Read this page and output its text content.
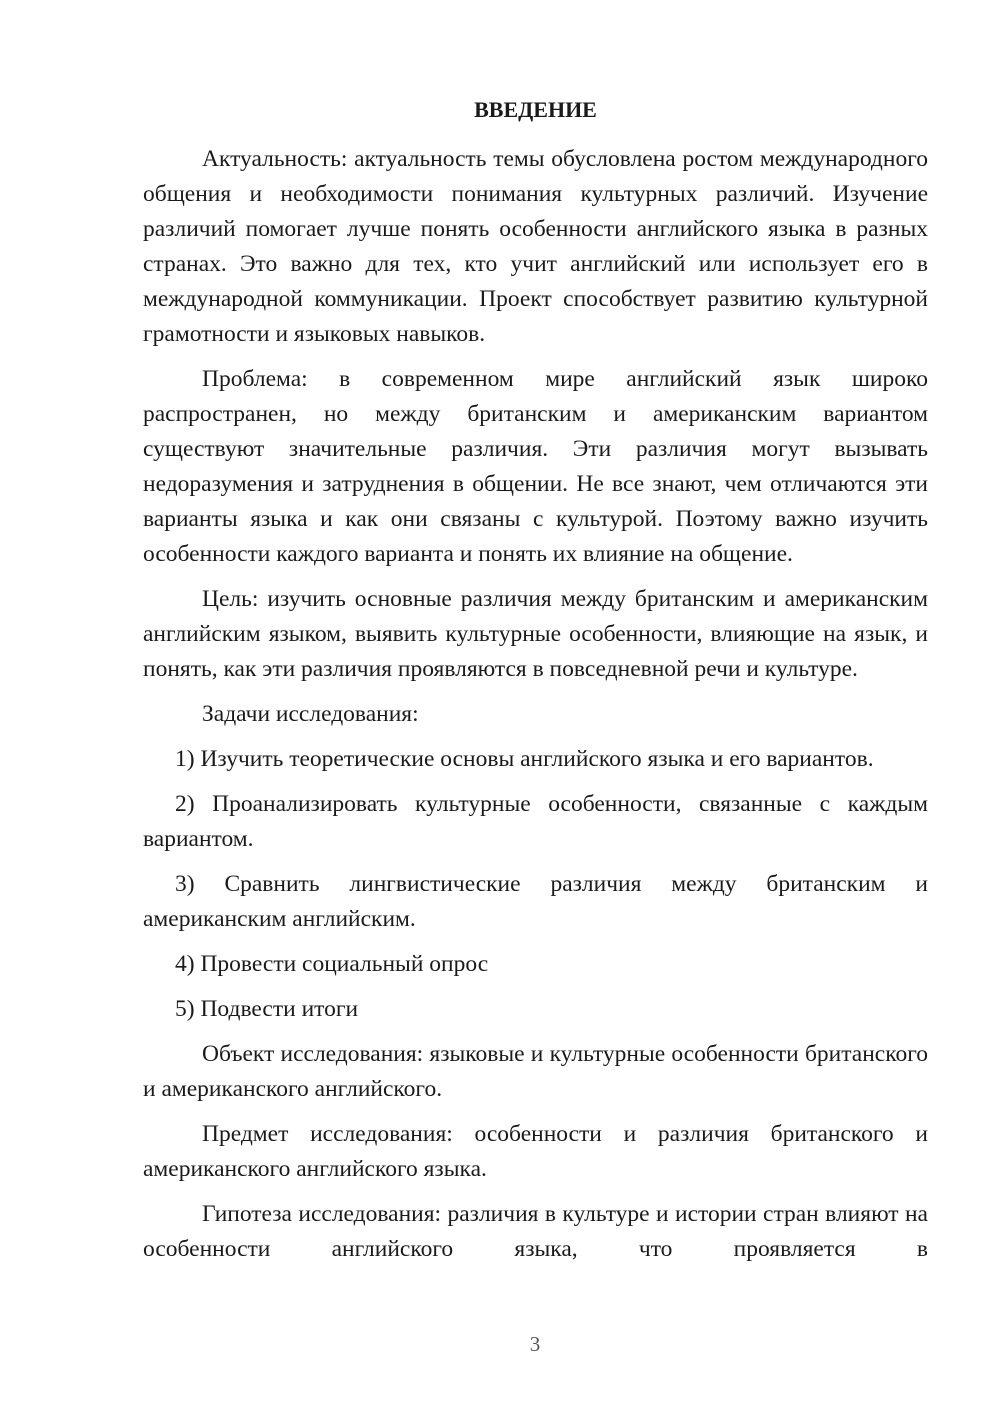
ВВЕДЕНИЕ

Актуальность: актуальность темы обусловлена ростом международного общения и необходимости понимания культурных различий. Изучение различий помогает лучше понять особенности английского языка в разных странах. Это важно для тех, кто учит английский или использует его в международной коммуникации. Проект способствует развитию культурной грамотности и языковых навыков.

Проблема: в современном мире английский язык широко распространен, но между британским и американским вариантом существуют значительные различия. Эти различия могут вызывать недоразумения и затруднения в общении. Не все знают, чем отличаются эти варианты языка и как они связаны с культурой. Поэтому важно изучить особенности каждого варианта и понять их влияние на общение.

Цель: изучить основные различия между британским и американским английским языком, выявить культурные особенности, влияющие на язык, и понять, как эти различия проявляются в повседневной речи и культуре.

Задачи исследования:

1) Изучить теоретические основы английского языка и его вариантов.

2) Проанализировать культурные особенности, связанные с каждым вариантом.

3) Сравнить лингвистические различия между британским и американским английским.

4) Провести социальный опрос

5) Подвести итоги

Объект исследования: языковые и культурные особенности британского и американского английского.

Предмет исследования: особенности и различия британского и американского английского языка.

Гипотеза исследования: различия в культуре и истории стран влияют на особенности английского языка, что проявляется в

3
